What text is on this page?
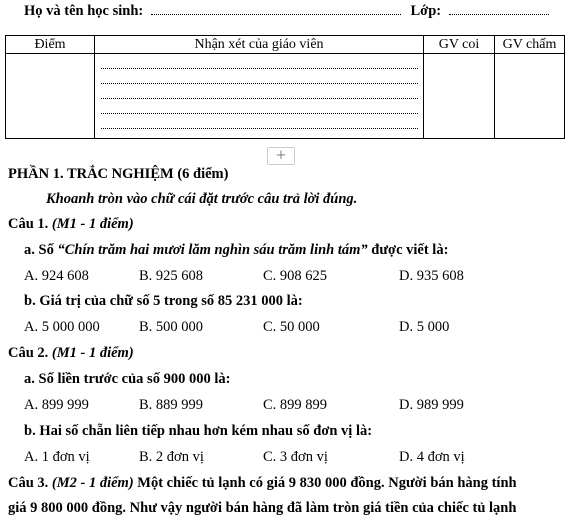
Họ và tên học sinh:	Lớp:
Điểm	Nhận xét của giáo viên	GV coi	GV chấm

+
PHẦN 1. TRẮC NGHIỆM (6 điểm)
Khoanh tròn vào chữ cái đặt trước câu trả lời đúng.
Câu 1. (M1 - 1 điểm)
a. Số “Chín trăm hai mươi lăm nghìn sáu trăm linh tám” được viết là:
A. 924 608	B. 925 608	C. 908 625	D. 935 608
b. Giá trị của chữ số 5 trong số 85 231 000 là:
A. 5 000 000	B. 500 000	C. 50 000	D. 5 000
Câu 2. (M1 - 1 điểm)
a. Số liền trước của số 900 000 là:
A. 899 999	B. 889 999	C. 899 899	D. 989 999
b. Hai số chẵn liên tiếp nhau hơn kém nhau số đơn vị là:
A. 1 đơn vị	B. 2 đơn vị	C. 3 đơn vị	D. 4 đơn vị
Câu 3. (M2 - 1 điểm) Một chiếc tủ lạnh có giá 9 830 000 đồng. Người bán hàng tính
giá 9 800 000 đồng. Như vậy người bán hàng đã làm tròn giá tiền của chiếc tủ lạnh
